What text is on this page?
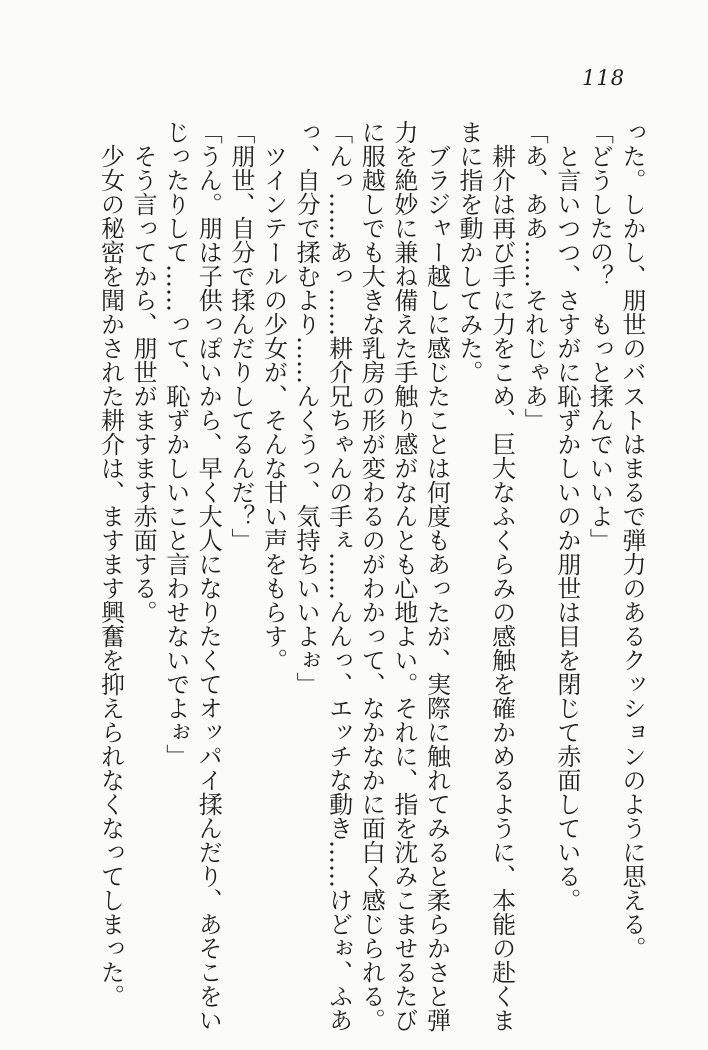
118

った。しかし、朋世のバストはまるで弾力のあるクッションのように思える。

「どうしたの？　もっと揉んでいいよ」

と言いつつ、さすがに恥ずかしいのか朋世は目を閉じて赤面している。

「あ、ああ……それじゃあ」

耕介は再び手に力をこめ、巨大なふくらみの感触を確かめるように、本能の赴くま

まに指を動かしてみた。

ブラジャー越しに感じたことは何度もあったが、実際に触れてみると柔らかさと弾

力を絶妙に兼ね備えた手触り感がなんとも心地よい。それに、指を沈みこませるたび

に服越しでも大きな乳房の形が変わるのがわかって、なかなかに面白く感じられる。

「んっ……あっ……耕介兄ちゃんの手ぇ……んんっ、エッチな動き……けどぉ、ふあ

っ、自分で揉むより……んくうっ、気持ちいいよぉ」

ツインテールの少女が、そんな甘い声をもらす。

「朋世、自分で揉んだりしてるんだ？」

「うん。朋は子供っぽいから、早く大人になりたくてオッパイ揉んだり、あそこをい

じったりして……って、恥ずかしいこと言わせないでよぉ」

そう言ってから、朋世がますます赤面する。

少女の秘密を聞かされた耕介は、ますます興奮を抑えられなくなってしまった。
